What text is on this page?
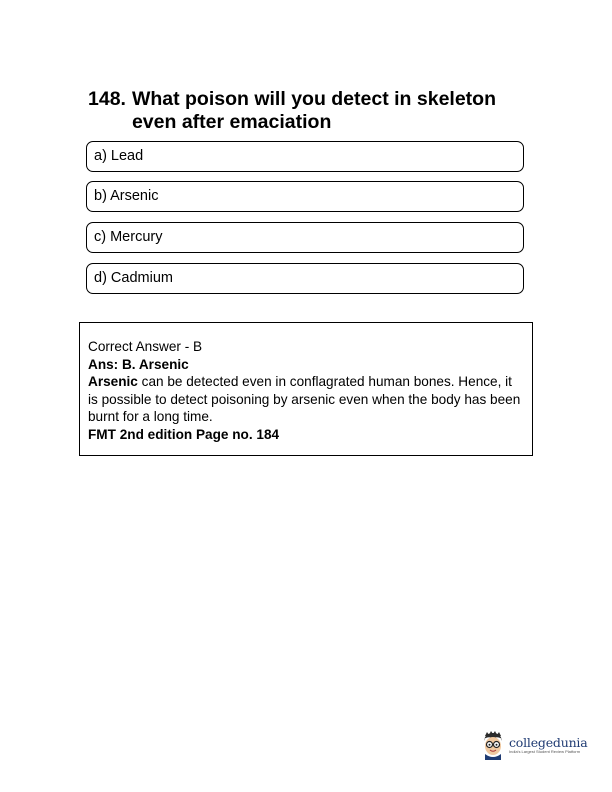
148. What poison will you detect in skeleton even after emaciation
a) Lead
b) Arsenic
c) Mercury
d) Cadmium
Correct Answer - B
Ans: B. Arsenic
Arsenic can be detected even in conflagrated human bones. Hence, it is possible to detect poisoning by arsenic even when the body has been burnt for a long time.
FMT 2nd edition Page no. 184
collegedunia
India's Largest Student Review Platform
